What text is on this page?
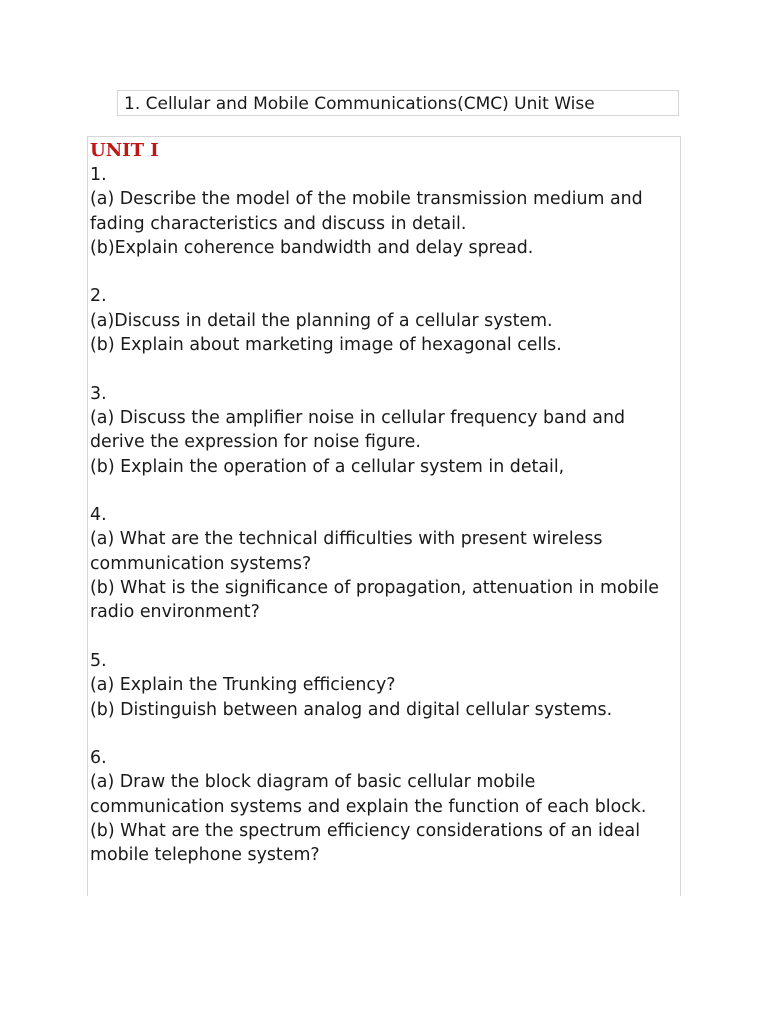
1. Cellular and Mobile Communications(CMC) Unit Wise
UNIT I
1.
(a) Describe the model of the mobile transmission medium and
fading characteristics and discuss in detail.
(b)Explain coherence bandwidth and delay spread.
2.
(a)Discuss in detail the planning of a cellular system.
(b) Explain about marketing image of hexagonal cells.
3.
(a) Discuss the amplifier noise in cellular frequency band and
derive the expression for noise figure.
(b) Explain the operation of a cellular system in detail,
4.
(a) What are the technical difficulties with present wireless
communication systems?
(b) What is the significance of propagation, attenuation in mobile
radio environment?
5.
(a) Explain the Trunking efficiency?
(b) Distinguish between analog and digital cellular systems.
6.
(a) Draw the block diagram of basic cellular mobile
communication systems and explain the function of each block.
(b) What are the spectrum efficiency considerations of an ideal
mobile telephone system?
